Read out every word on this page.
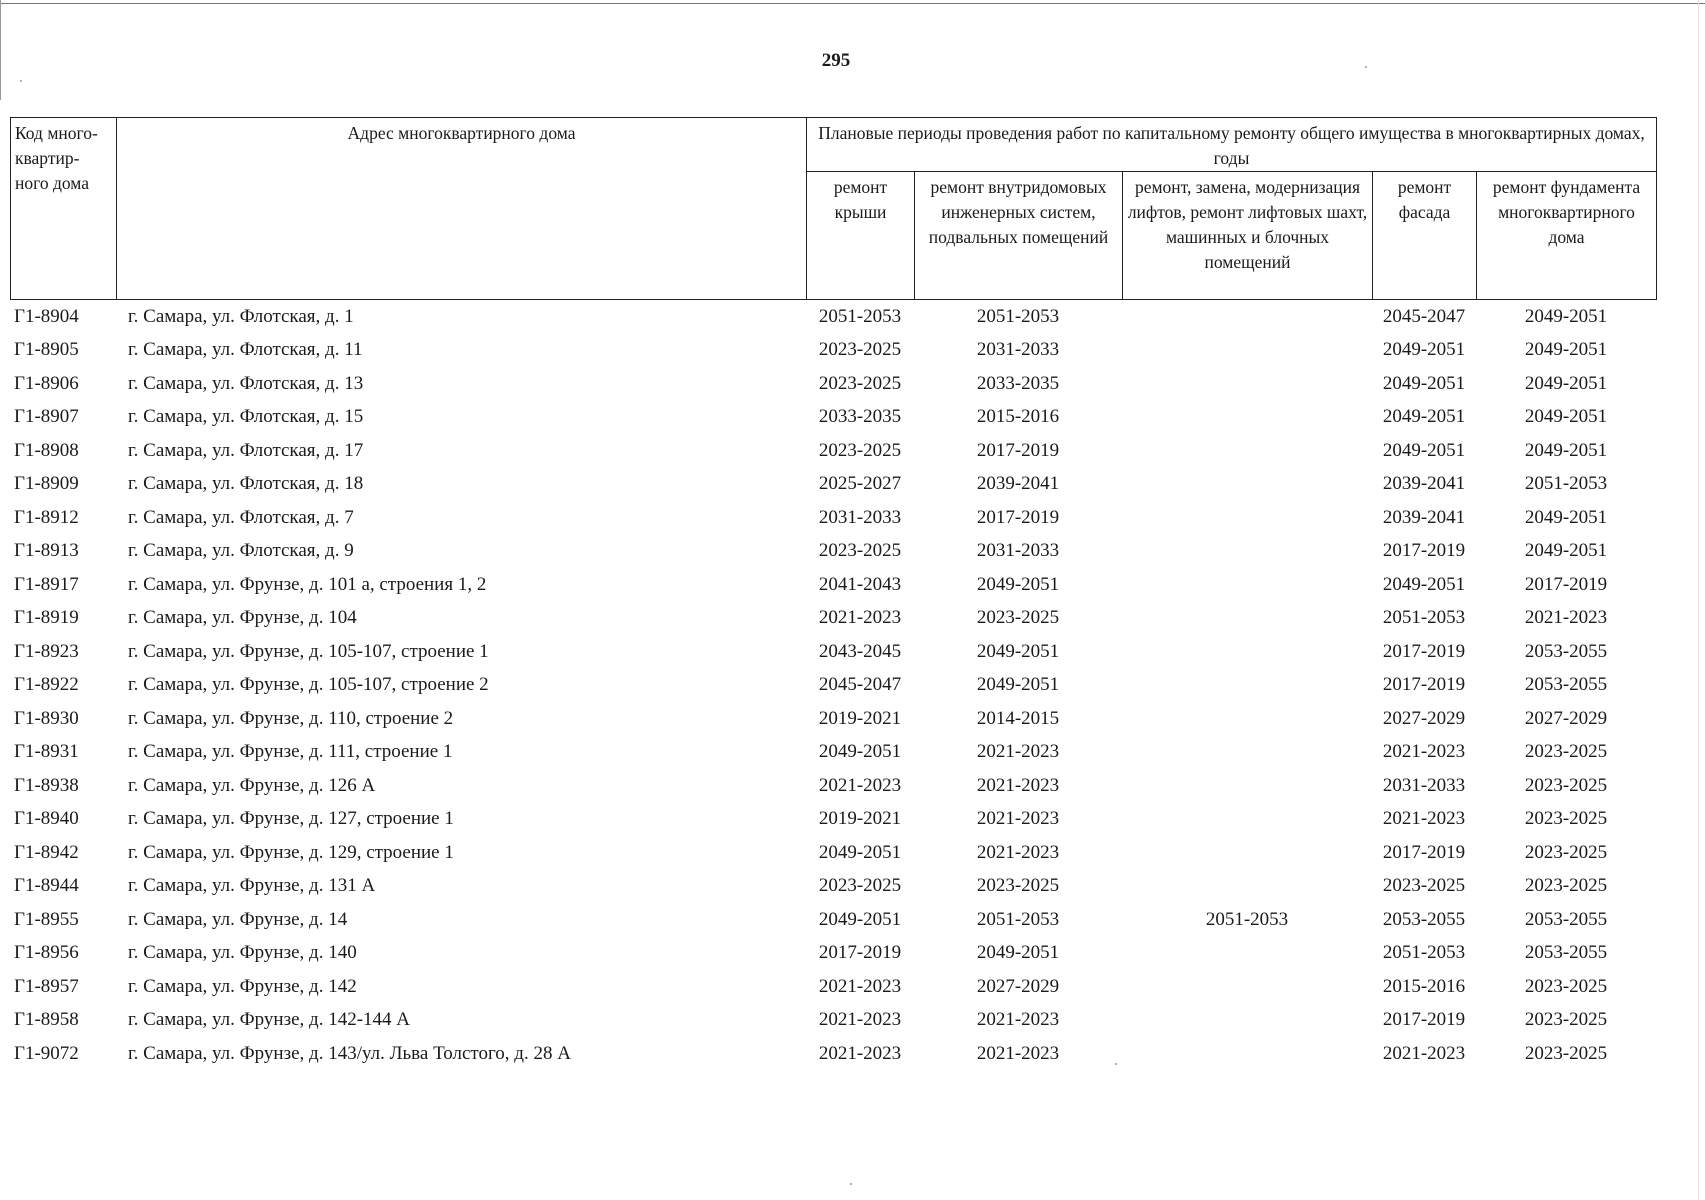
295
Код много-квартир-ного дома	Адрес многоквартирного дома	Плановые периоды проведения работ по капитальному ремонту общего имущества в многоквартирных домах, годы				
		ремонт крыши	ремонт внутридомовых инженерных систем, подвальных помещений	ремонт, замена, модернизация лифтов, ремонт лифтовых шахт, машинных и блочных помещений	ремонт фасада	ремонт фундамента многоквартирного дома
Г1-8904	г. Самара, ул. Флотская, д. 1	2051-2053	2051-2053		2045-2047	2049-2051
Г1-8905	г. Самара, ул. Флотская, д. 11	2023-2025	2031-2033		2049-2051	2049-2051
Г1-8906	г. Самара, ул. Флотская, д. 13	2023-2025	2033-2035		2049-2051	2049-2051
Г1-8907	г. Самара, ул. Флотская, д. 15	2033-2035	2015-2016		2049-2051	2049-2051
Г1-8908	г. Самара, ул. Флотская, д. 17	2023-2025	2017-2019		2049-2051	2049-2051
Г1-8909	г. Самара, ул. Флотская, д. 18	2025-2027	2039-2041		2039-2041	2051-2053
Г1-8912	г. Самара, ул. Флотская, д. 7	2031-2033	2017-2019		2039-2041	2049-2051
Г1-8913	г. Самара, ул. Флотская, д. 9	2023-2025	2031-2033		2017-2019	2049-2051
Г1-8917	г. Самара, ул. Фрунзе, д. 101 а, строения 1, 2	2041-2043	2049-2051		2049-2051	2017-2019
Г1-8919	г. Самара, ул. Фрунзе, д. 104	2021-2023	2023-2025		2051-2053	2021-2023
Г1-8923	г. Самара, ул. Фрунзе, д. 105-107, строение 1	2043-2045	2049-2051		2017-2019	2053-2055
Г1-8922	г. Самара, ул. Фрунзе, д. 105-107, строение 2	2045-2047	2049-2051		2017-2019	2053-2055
Г1-8930	г. Самара, ул. Фрунзе, д. 110, строение 2	2019-2021	2014-2015		2027-2029	2027-2029
Г1-8931	г. Самара, ул. Фрунзе, д. 111, строение 1	2049-2051	2021-2023		2021-2023	2023-2025
Г1-8938	г. Самара, ул. Фрунзе, д. 126 А	2021-2023	2021-2023		2031-2033	2023-2025
Г1-8940	г. Самара, ул. Фрунзе, д. 127, строение 1	2019-2021	2021-2023		2021-2023	2023-2025
Г1-8942	г. Самара, ул. Фрунзе, д. 129, строение 1	2049-2051	2021-2023		2017-2019	2023-2025
Г1-8944	г. Самара, ул. Фрунзе, д. 131 А	2023-2025	2023-2025		2023-2025	2023-2025
Г1-8955	г. Самара, ул. Фрунзе, д. 14	2049-2051	2051-2053	2051-2053	2053-2055	2053-2055
Г1-8956	г. Самара, ул. Фрунзе, д. 140	2017-2019	2049-2051		2051-2053	2053-2055
Г1-8957	г. Самара, ул. Фрунзе, д. 142	2021-2023	2027-2029		2015-2016	2023-2025
Г1-8958	г. Самара, ул. Фрунзе, д. 142-144 А	2021-2023	2021-2023		2017-2019	2023-2025
Г1-9072	г. Самара, ул. Фрунзе, д. 143/ул. Льва Толстого, д. 28 А	2021-2023	2021-2023		2021-2023	2023-2025
